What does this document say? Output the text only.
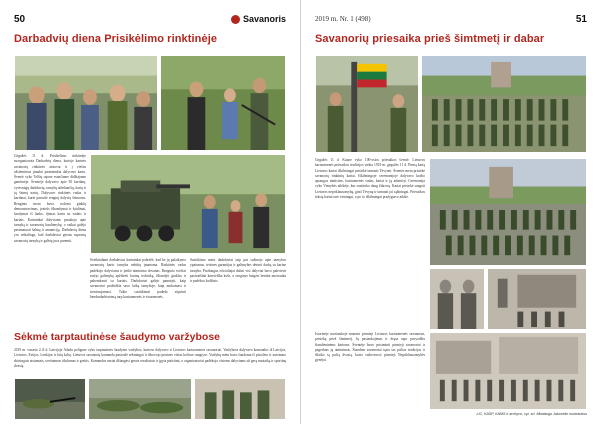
50	Savanoris
Darbadvių diena Prisikėlimo rinktinėje
Gegužės 11 d. Prisikėlimo rinktinėje suorganizuota Darbadvių diena, kurioje karinės savanorių rinktinės atstovai ir į viešus užsiėmimus įtraukti pirmininkai dalyvavo kartu. Šventė vyko Telšių rajone esančiame didžiajame gamtinėje. Šventėje dalyvavo apie 50 kariūnų, vyresniųjų darbdavių, tarnybą atliekančių, karių ir jų šeimų narių. Dalyvavo rinktinės vadas ir kariūnai, kurie paruošė renginį dalyvių šeimoms. Renginio metu buvo rodomi ginklų demonstravimas, įvairūs išbandymai ir žaidimai, šaudymas iš lanko, ėjimas kartu su vadais ir kariais. Karininkai dalyviams pasakojo apie tarnybą ir savanorių kasdienybę, o vaikai galėjo pasimatuoti šalmą ir amuniciją. Darbdavių diena yra reikalinga, kad darbdaviai geriau suprastų savanorių tarnybą ir galėtų juos paremti.
Sveikindami darbdavius karininkai pabrėžė, kad be jų palaikymo savanorių kario tarnyba nebūtų įmanoma. Rinktinės vadas padėkojo dalyviams ir įteikė atminimo dovanas. Renginio svečiai turėjo galimybę apžiūrėti karinę techniką, išbandyti ginklus ir pabendrauti su kariais. Darbdaviai galėjo pamatyti, kaip savanoriai praleidžia savo laiką tarnyboje, kaip mokomasi ir treniruojamasi. Tokie susitikimai padeda stiprinti bendradarbiavimą tarp kariuomenės ir visuomenės.
Susitikimo metu darbdaviai taip pat sužinojo apie tarnybos ypatumus, teisines garantijas ir galimybes derinti darbą su karine tarnyba. Pasibaigus oficialiajai daliai visi dalyviai buvo pakviesti pasivaišinti kareiviška koše, o renginys baigėsi bendra nuotrauka ir padėkos žodžiais.
Sėkmė tarptautinėse šaudymo varžybose
2019 m. vasario 2–8 d. Latvijoje Ādažu poligone vyko tarptautinės šaudymo varžybos, kuriose dalyvavo ir Lietuvos kariuomenės savanoriai. Varžybose dalyvavo komandos iš Latvijos, Lietuvos, Estijos, Lenkijos ir kitų šalių. Lietuvos savanorių komanda pasirodė sėkmingai ir iškovojo prizines vietas keliose rungtyse. Varžybų metu buvo šaudoma iš pistoleto ir automato skirtingais atstumais, vertinamas tikslumas ir greitis. Komandos nariai džiaugėsi gerais rezultatais ir įgyta patirtimi, o organizatoriai padėkojo visiems dalyviams už gerą nuotaiką ir sportinę dvasią.
2019 m. Nr. 1 (498)	51
Savanorių priesaika prieš šimtmetį ir dabar
Gegužės 11 d. Kaune vyko 100-osios priesaikos šventė. Lietuvos kariuomenės priesaikos tradicijos siekia 1919 m. gegužės 11 d. Pirmą kartą Lietuvos kariai iškilmingai prisiekė tarnauti Tėvynei. Šventės metu prisiekė savanorių rinktinių kariai. Iškilmingoje ceremonijoje dalyvavo krašto apsaugos ministras, kariuomenės vadas, kariai ir jų artimieji. Ceremonija vyko Vienybės aikštėje, kur susirinko daug žiūrovų. Kariai prisiekė saugoti Lietuvos nepriklausomybę, ginti Tėvynę ir tarnauti jai sąžiningai. Priesaikos tekstą kariai tarė vieningai, o po to iškilmingai pražygiavo aikšte.
Istorinėje nuotraukoje matomi pirmieji Lietuvos kariuomenės savanoriai, prisiekę prieš šimtmetį. Jų pasiaukojimas ir drąsa tapo pavyzdžiu šiandieninėms kartoms. Šventėje buvo prisiminti pirmieji savanoriai ir pagerbtas jų atminimas. Šiandien savanoriai tęsia tas pačias tradicijas ir išlaiko tą pačią dvasią, kuria vadovavosi pirmieji Nepriklausomybės gynėjai.
LIC, KASP, KAMS ir archyvo, vyr. srl. Mindaugo Jakovelio nuotraukos
